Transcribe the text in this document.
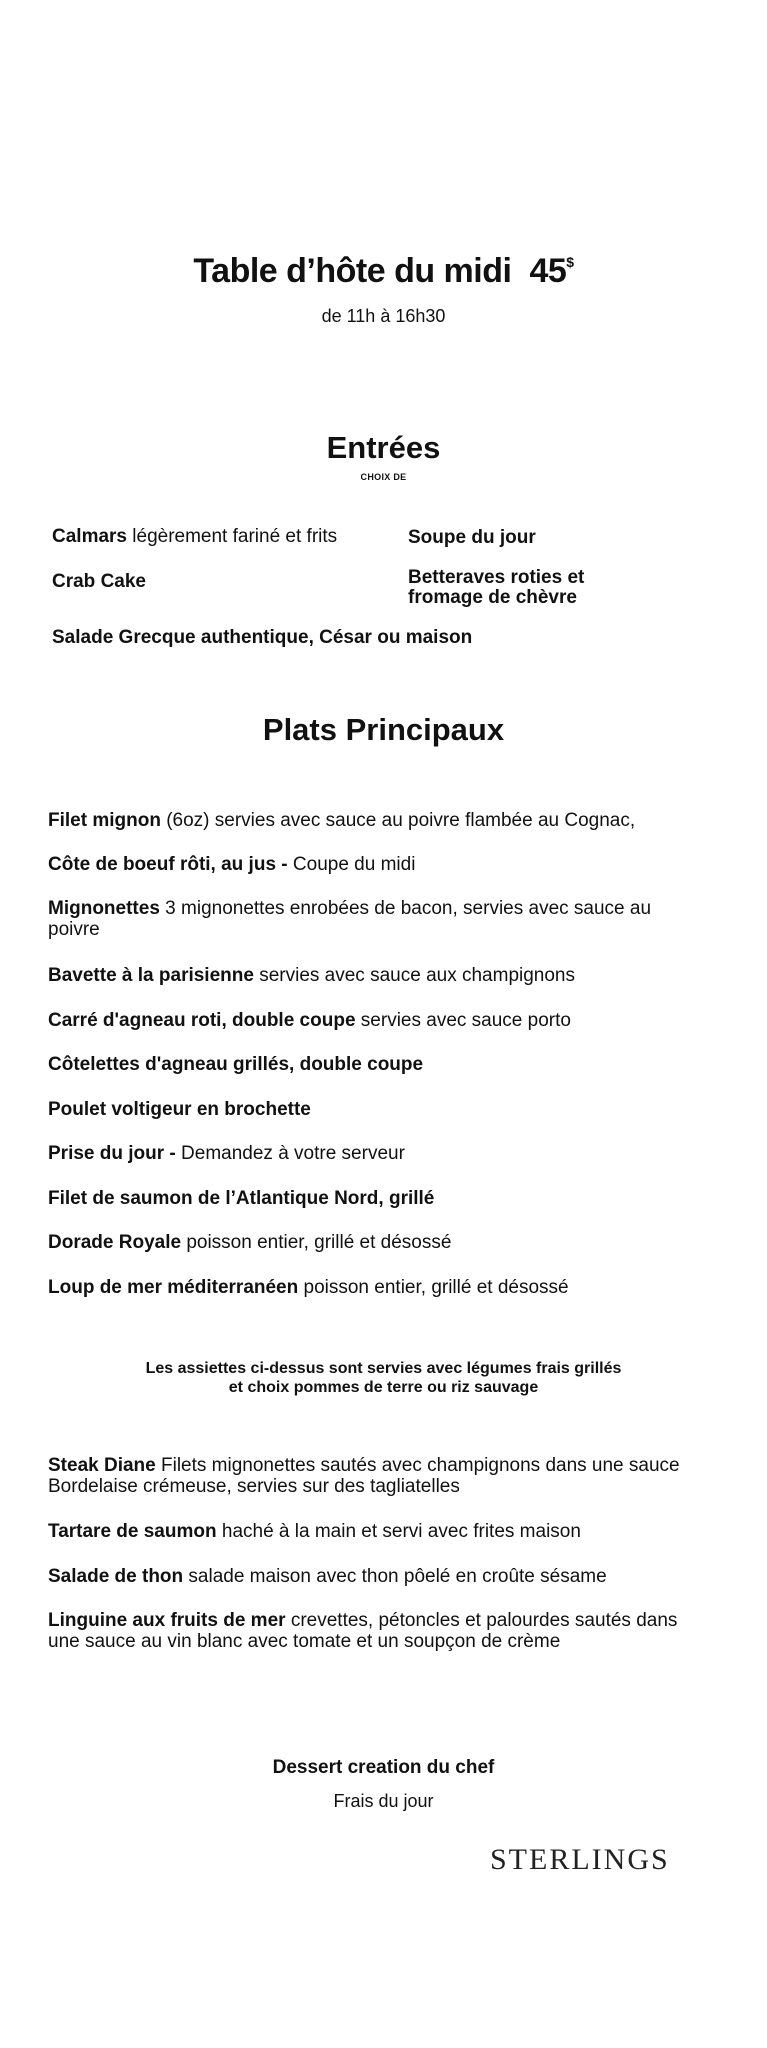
Table d’hôte du midi 45$
de 11h à 16h30
Entrées
CHOIX DE
Calmars légèrement fariné et frits	Soupe du jour
Crab Cake	Betteraves roties et
fromage de chèvre
Salade Grecque authentique, César ou maison
Plats Principaux
Filet mignon (6oz) servies avec sauce au poivre flambée au Cognac,
Côte de boeuf rôti, au jus - Coupe du midi
Mignonettes 3 mignonettes enrobées de bacon, servies avec sauce au poivre
Bavette à la parisienne servies avec sauce aux champignons
Carré d'agneau roti, double coupe servies avec sauce porto
Côtelettes d'agneau grillés, double coupe
Poulet voltigeur en brochette
Prise du jour - Demandez à votre serveur
Filet de saumon de l’Atlantique Nord, grillé
Dorade Royale poisson entier, grillé et désossé
Loup de mer méditerranéen poisson entier, grillé et désossé
Les assiettes ci-dessus sont servies avec légumes frais grillés
et choix pommes de terre ou riz sauvage
Steak Diane Filets mignonettes sautés avec champignons dans une sauce Bordelaise crémeuse, servies sur des tagliatelles
Tartare de saumon haché à la main et servi avec frites maison
Salade de thon salade maison avec thon pôelé en croûte sésame
Linguine aux fruits de mer crevettes, pétoncles et palourdes sautés dans une sauce au vin blanc avec tomate et un soupçon de crème
Dessert creation du chef
Frais du jour
STERLINGS
